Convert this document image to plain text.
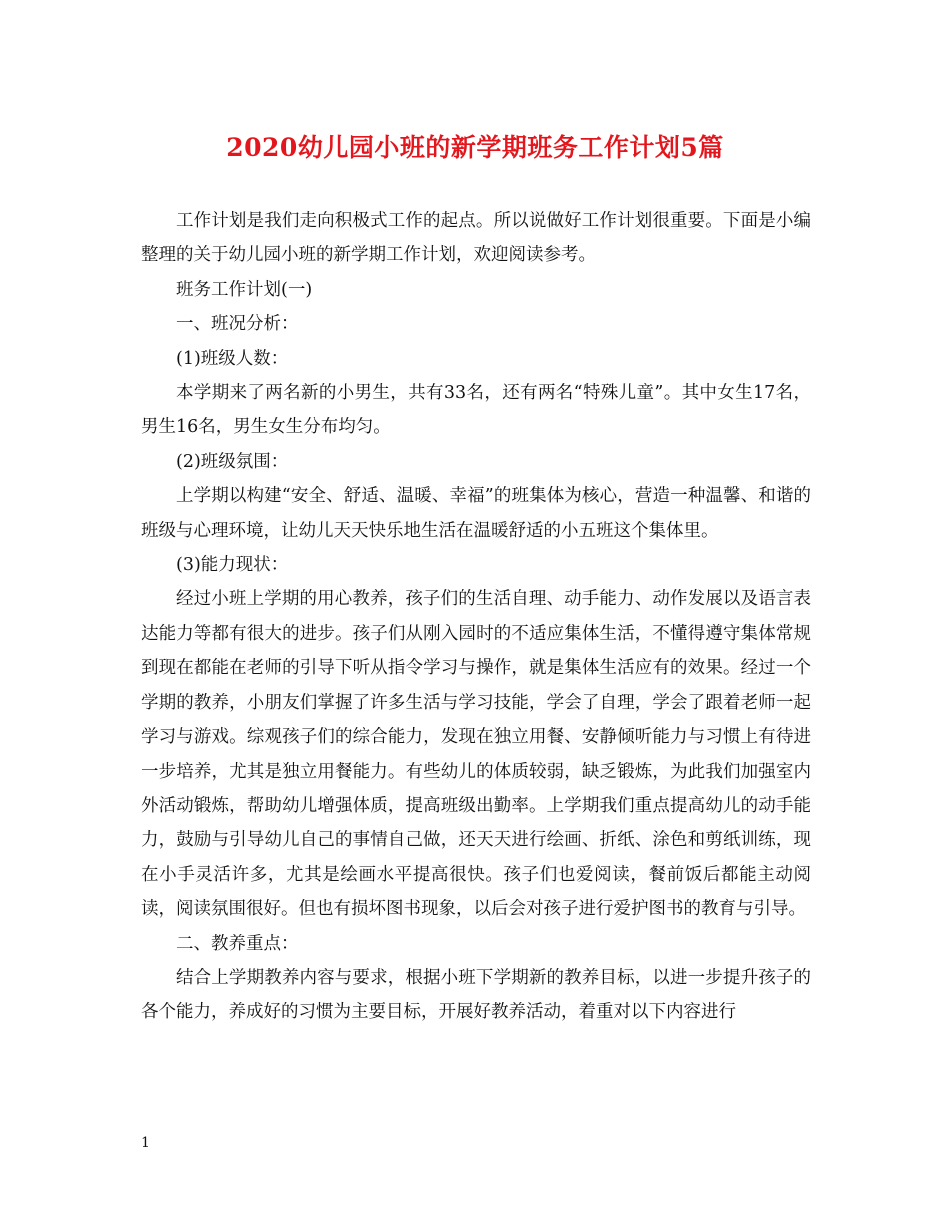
2020幼儿园小班的新学期班务工作计划5篇

工作计划是我们走向积极式工作的起点。所以说做好工作计划很重要。下面是小编整理的关于幼儿园小班的新学期工作计划，欢迎阅读参考。

班务工作计划(一)

一、班况分析：

(1)班级人数：

本学期来了两名新的小男生，共有33名，还有两名“特殊儿童”。其中女生17名，男生16名，男生女生分布均匀。

(2)班级氛围：

上学期以构建“安全、舒适、温暖、幸福”的班集体为核心，营造一种温馨、和谐的班级与心理环境，让幼儿天天快乐地生活在温暖舒适的小五班这个集体里。

(3)能力现状：

经过小班上学期的用心教养，孩子们的生活自理、动手能力、动作发展以及语言表达能力等都有很大的进步。孩子们从刚入园时的不适应集体生活，不懂得遵守集体常规到现在都能在老师的引导下听从指令学习与操作，就是集体生活应有的效果。经过一个学期的教养，小朋友们掌握了许多生活与学习技能，学会了自理，学会了跟着老师一起学习与游戏。综观孩子们的综合能力，发现在独立用餐、安静倾听能力与习惯上有待进一步培养，尤其是独立用餐能力。有些幼儿的体质较弱，缺乏锻炼，为此我们加强室内外活动锻炼，帮助幼儿增强体质，提高班级出勤率。上学期我们重点提高幼儿的动手能力，鼓励与引导幼儿自己的事情自己做，还天天进行绘画、折纸、涂色和剪纸训练，现在小手灵活许多，尤其是绘画水平提高很快。孩子们也爱阅读，餐前饭后都能主动阅读，阅读氛围很好。但也有损坏图书现象，以后会对孩子进行爱护图书的教育与引导。

二、教养重点：

结合上学期教养内容与要求，根据小班下学期新的教养目标，以进一步提升孩子的各个能力，养成好的习惯为主要目标，开展好教养活动，着重对以下内容进行

1
